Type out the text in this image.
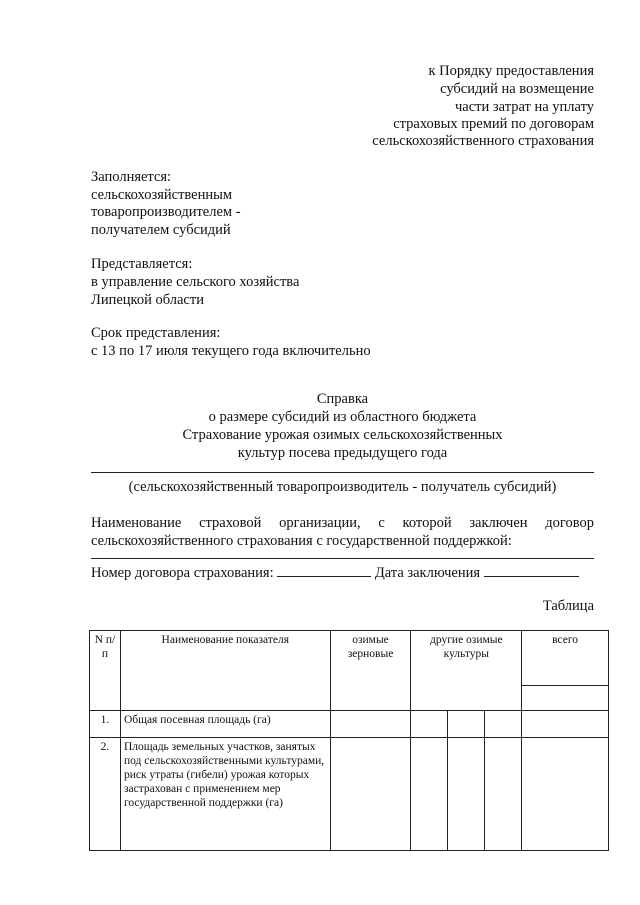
к Порядку предоставления
субсидий на возмещение
части затрат на уплату
страховых премий по договорам
сельскохозяйственного страхования
Заполняется:
сельскохозяйственным
товаропроизводителем -
получателем субсидий
Представляется:
в управление сельского хозяйства
Липецкой области
Срок представления:
с 13 по 17 июля текущего года включительно
Справка
о размере субсидий из областного бюджета
Страхование урожая озимых сельскохозяйственных
культур посева предыдущего года
(сельскохозяйственный товаропроизводитель - получатель субсидий)
Наименование страховой организации, с которой заключен договор
сельскохозяйственного страхования с государственной поддержкой:
Номер договора страхования:	Дата заключения
Таблица
N п/п	Наименование показателя	озимые зерновые	другие озимые культуры			всего

1.	Общая посевная площадь (га)					
2.	Площадь земельных участков, занятых под сельскохозяйственными культурами, риск утраты (гибели) урожая которых застрахован с применением мер государственной поддержки (га)					
